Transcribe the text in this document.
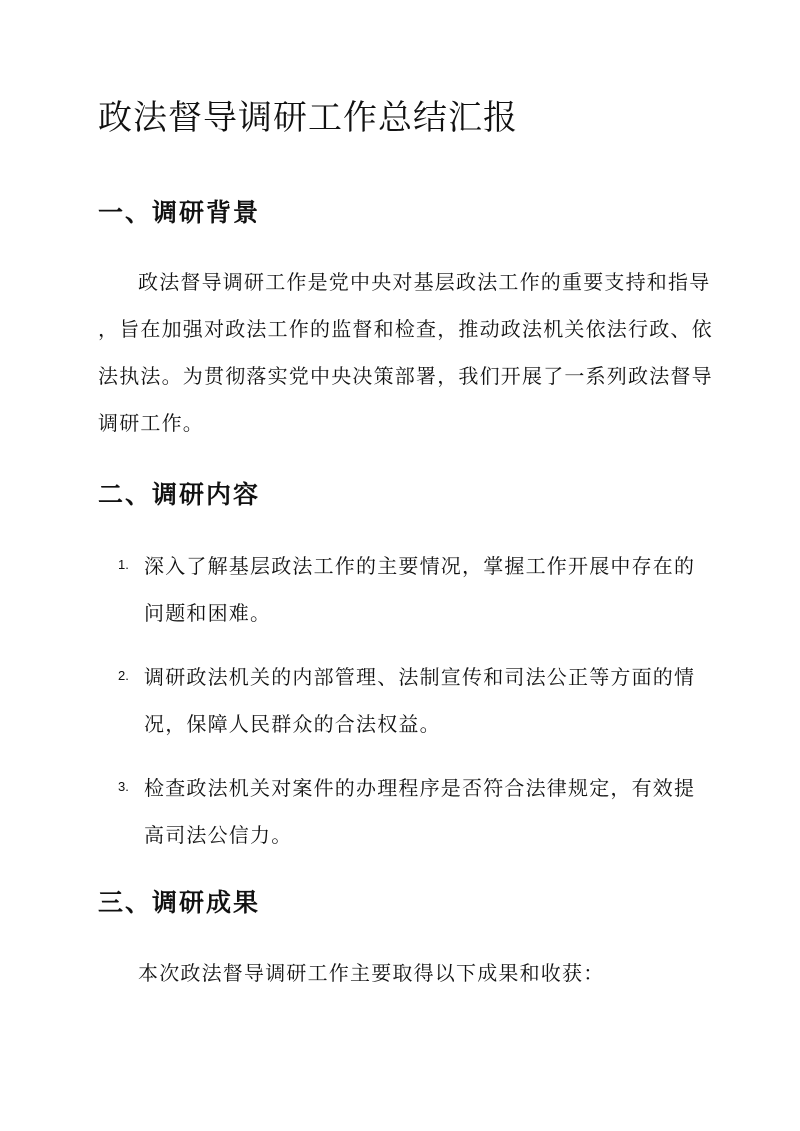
政法督导调研工作总结汇报
一、调研背景
政法督导调研工作是党中央对基层政法工作的重要支持和指导
，旨在加强对政法工作的监督和检查，推动政法机关依法行政、依
法执法。为贯彻落实党中央决策部署，我们开展了一系列政法督导
调研工作。
二、调研内容
1. 深入了解基层政法工作的主要情况，掌握工作开展中存在的
问题和困难。
2. 调研政法机关的内部管理、法制宣传和司法公正等方面的情
况，保障人民群众的合法权益。
3. 检查政法机关对案件的办理程序是否符合法律规定，有效提
高司法公信力。
三、调研成果
本次政法督导调研工作主要取得以下成果和收获：
